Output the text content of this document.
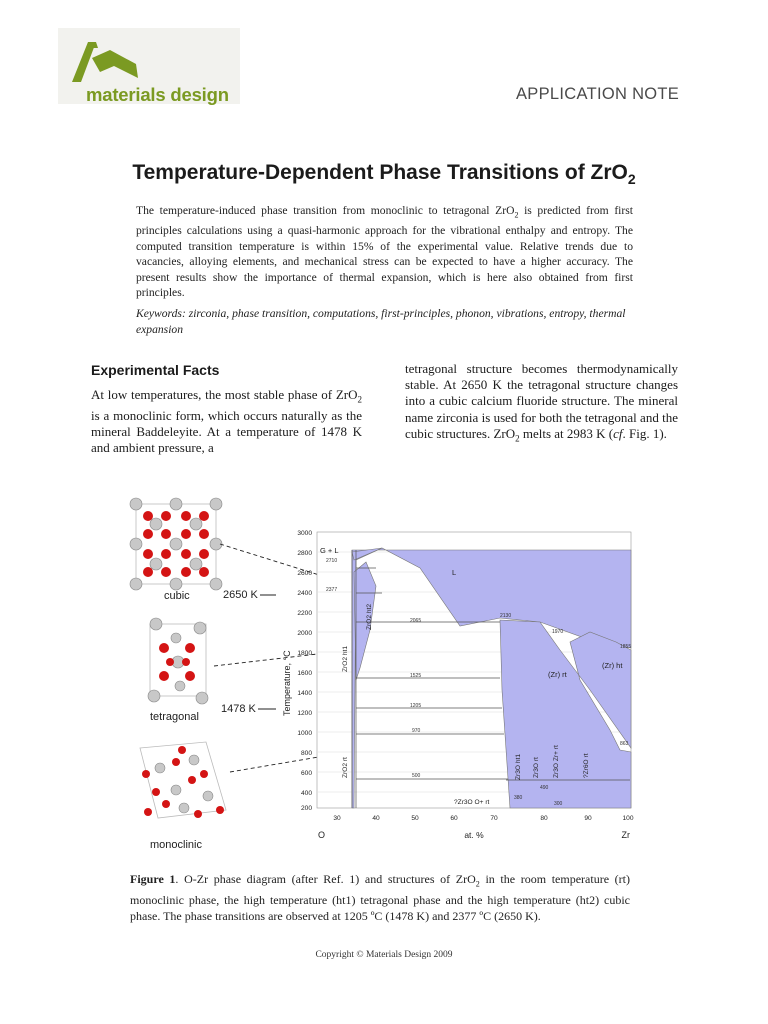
materials design	APPLICATION NOTE
Temperature-Dependent Phase Transitions of ZrO$_2$
The temperature-induced phase transition from monoclinic to tetragonal ZrO$_2$ is predicted from first principles calculations using a quasi-harmonic approach for the vibrational enthalpy and entropy. The computed transition temperature is within 15% of the experimental value. Relative trends due to vacancies, alloying elements, and mechanical stress can be expected to have a higher accuracy. The present results show the importance of thermal expansion, which is here also obtained from first principles.
Keywords: zirconia, phase transition, computations, first-principles, phonon, vibrations, entropy, thermal expansion
Experimental Facts
At low temperatures, the most stable phase of ZrO$_2$ is a monoclinic form, which occurs naturally as the mineral Baddeleyite. At a temperature of 1478 K and ambient pressure, a
tetragonal structure becomes thermodynamically stable. At 2650 K the tetragonal structure changes into a cubic calcium fluoride structure. The mineral name zirconia is used for both the tetragonal and the cubic structures. ZrO$_2$ melts at 2983 K (cf. Fig. 1).
cubic
tetragonal
monoclinic
2650 K
1478 K
3000
2800
2600
2400
2200
2000
1800
1600
1400
1200
1000
800
600
400
200
30	40	50	60	70	80	90	100
O	at. %	Zr
Temperature, °C
G + L
L
(Zr) rt
(Zr) ht
ZrO2 ht2
ZrO2 ht1
ZrO2 rt	Zr3O ht1 Zr3O rt Zr3O Zr+ rt	?Zr6O rt
?Zr3O O+ rt
2710
2377
2065
2130
1970
1855
1525
1205
970
863
500
490
380
300
Figure 1. O-Zr phase diagram (after Ref. 1) and structures of ZrO$_2$ in the room temperature (rt) monoclinic phase, the high temperature (ht1) tetragonal phase and the high temperature (ht2) cubic phase. The phase transitions are observed at 1205 ºC (1478 K) and 2377 ºC (2650 K).
Copyright © Materials Design 2009
